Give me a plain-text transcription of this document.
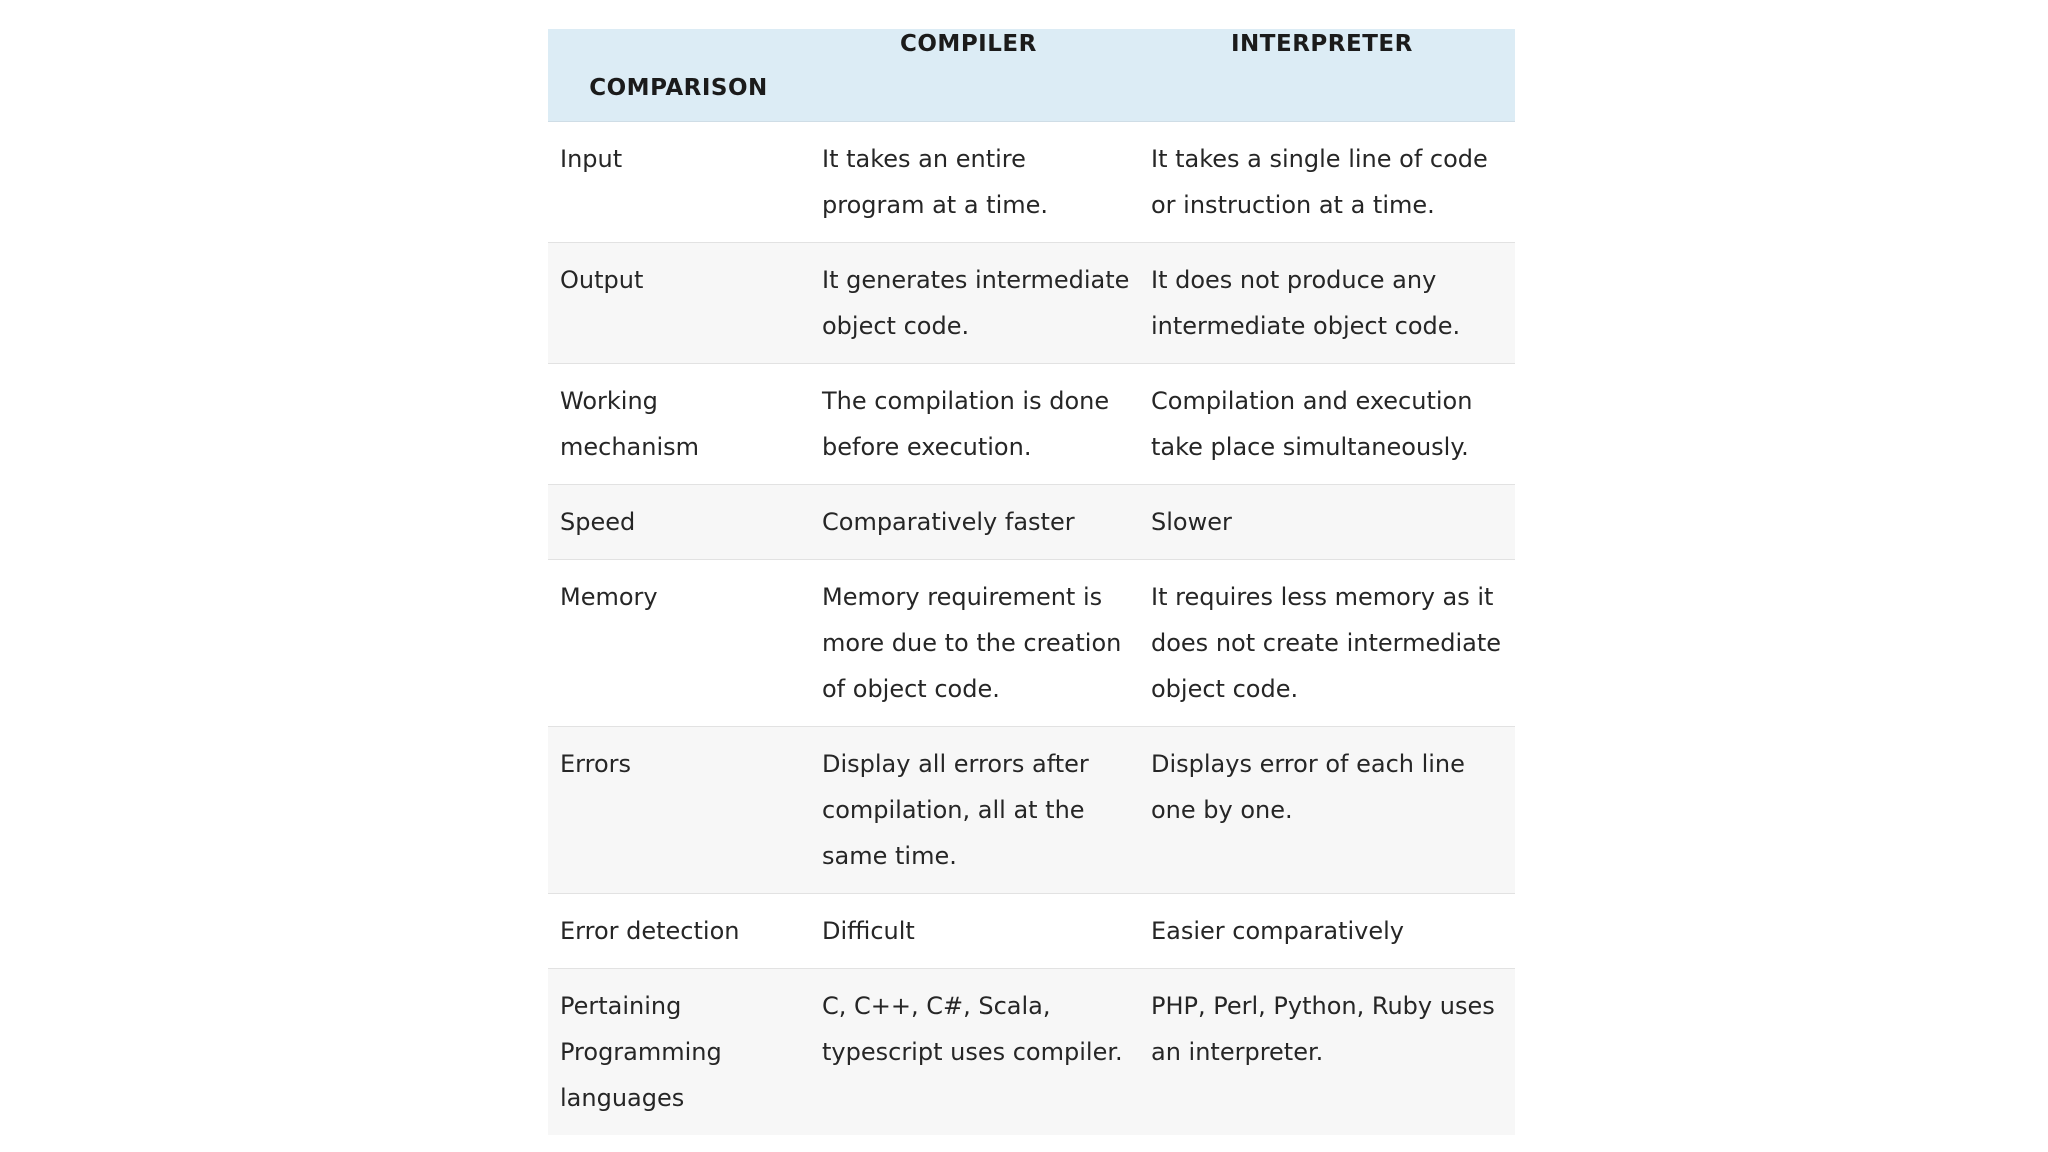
COMPARISON	COMPILER	INTERPRETER
Input	It takes an entire program at a time.	It takes a single line of code or instruction at a time.
Output	It generates intermediate object code.	It does not produce any intermediate object code.
Working mechanism	The compilation is done before execution.	Compilation and execution take place simultaneously.
Speed	Comparatively faster	Slower
Memory	Memory requirement is more due to the creation of object code.	It requires less memory as it does not create intermediate object code.
Errors	Display all errors after compilation, all at the same time.	Displays error of each line one by one.
Error detection	Difficult	Easier comparatively
Pertaining Programming languages	C, C++, C#, Scala, typescript uses compiler.	PHP, Perl, Python, Ruby uses an interpreter.
